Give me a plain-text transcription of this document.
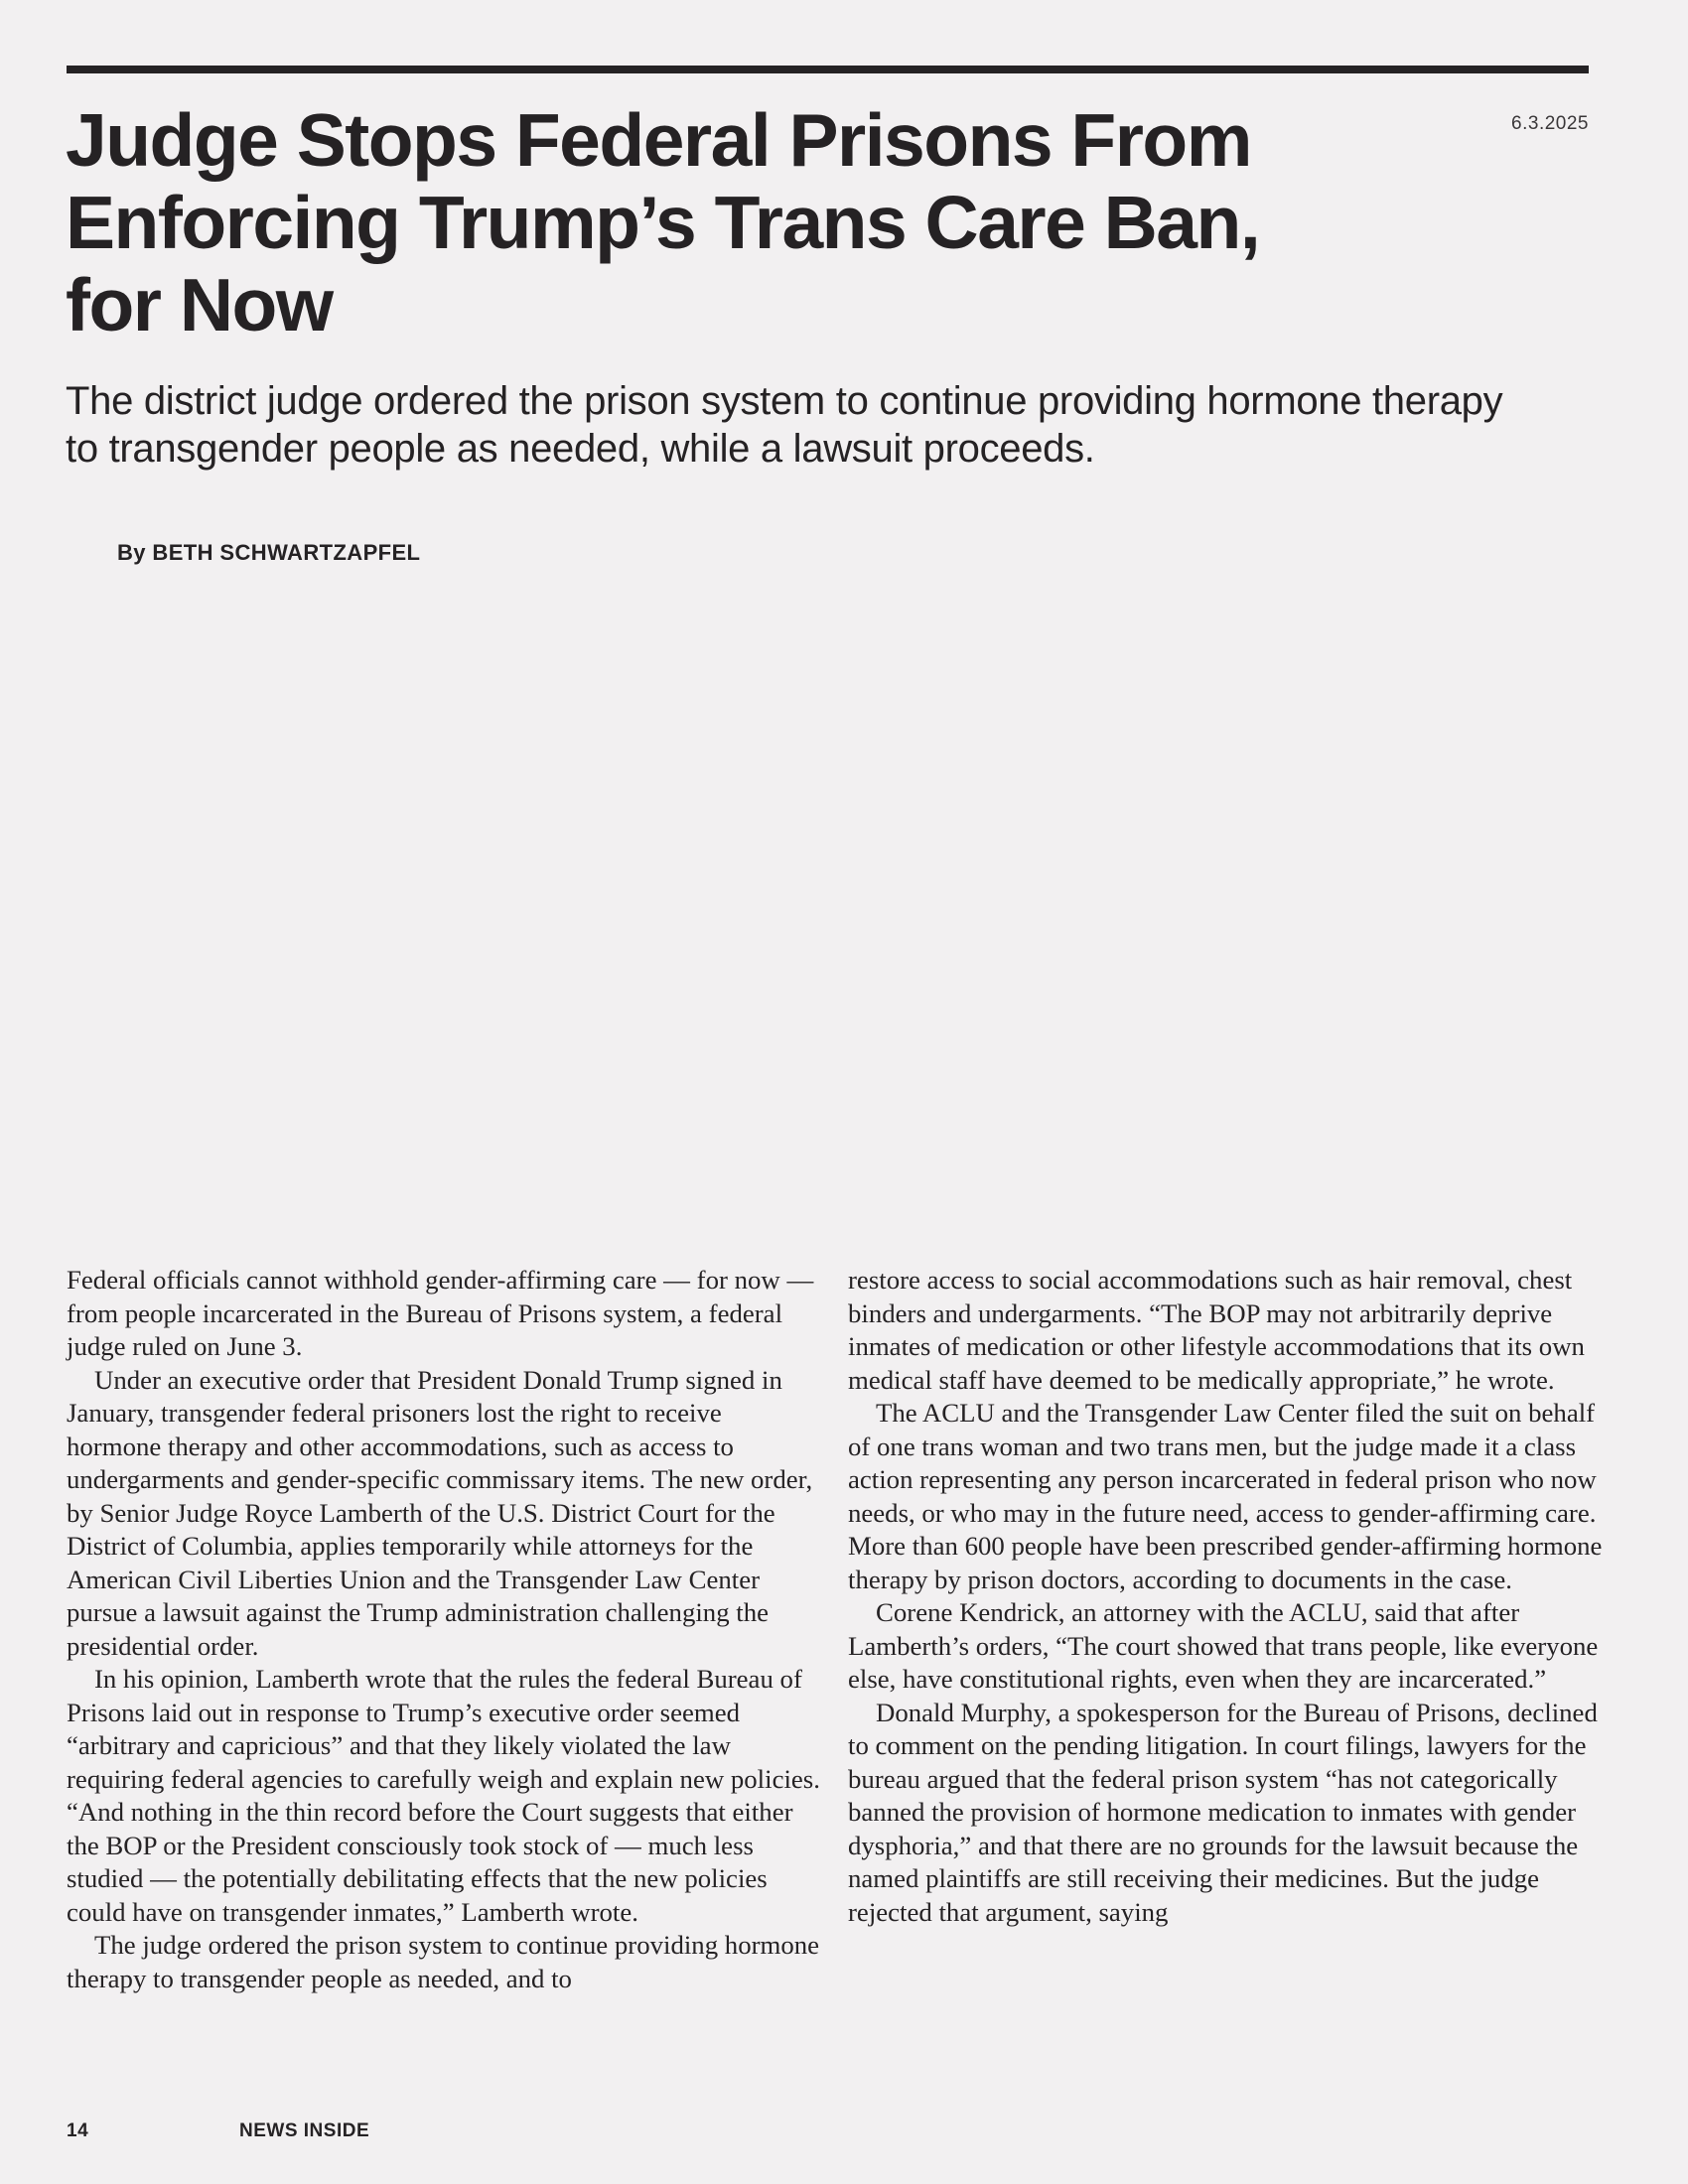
6.3.2025
Judge Stops Federal Prisons From Enforcing Trump’s Trans Care Ban, for Now

The district judge ordered the prison system to continue providing hormone therapy to transgender people as needed, while a lawsuit proceeds.

By BETH SCHWARTZAPFEL

Federal officials cannot withhold gender-affirming care — for now — from people incarcerated in the Bureau of Prisons system, a federal judge ruled on June 3.

Under an executive order that President Donald Trump signed in January, transgender federal prisoners lost the right to receive hormone therapy and other accommodations, such as access to undergarments and gender-specific commissary items. The new order, by Senior Judge Royce Lamberth of the U.S. District Court for the District of Columbia, applies temporarily while attorneys for the American Civil Liberties Union and the Transgender Law Center pursue a lawsuit against the Trump administration challenging the presidential order.

In his opinion, Lamberth wrote that the rules the federal Bureau of Prisons laid out in response to Trump’s executive order seemed “arbitrary and capricious” and that they likely violated the law requiring federal agencies to carefully weigh and explain new policies. “And nothing in the thin record before the Court suggests that either the BOP or the President consciously took stock of — much less studied — the potentially debilitating effects that the new policies could have on transgender inmates,” Lamberth wrote.

The judge ordered the prison system to continue providing hormone therapy to transgender people as needed, and to

restore access to social accommodations such as hair removal, chest binders and undergarments. “The BOP may not arbitrarily deprive inmates of medication or other lifestyle accommodations that its own medical staff have deemed to be medically appropriate,” he wrote.

The ACLU and the Transgender Law Center filed the suit on behalf of one trans woman and two trans men, but the judge made it a class action representing any person incarcerated in federal prison who now needs, or who may in the future need, access to gender-affirming care. More than 600 people have been prescribed gender-affirming hormone therapy by prison doctors, according to documents in the case.

Corene Kendrick, an attorney with the ACLU, said that after Lamberth’s orders, “The court showed that trans people, like everyone else, have constitutional rights, even when they are incarcerated.”

Donald Murphy, a spokesperson for the Bureau of Prisons, declined to comment on the pending litigation. In court filings, lawyers for the bureau argued that the federal prison system “has not categorically banned the provision of hormone medication to inmates with gender dysphoria,” and that there are no grounds for the lawsuit because the named plaintiffs are still receiving their medicines. But the judge rejected that argument, saying

14	NEWS INSIDE
